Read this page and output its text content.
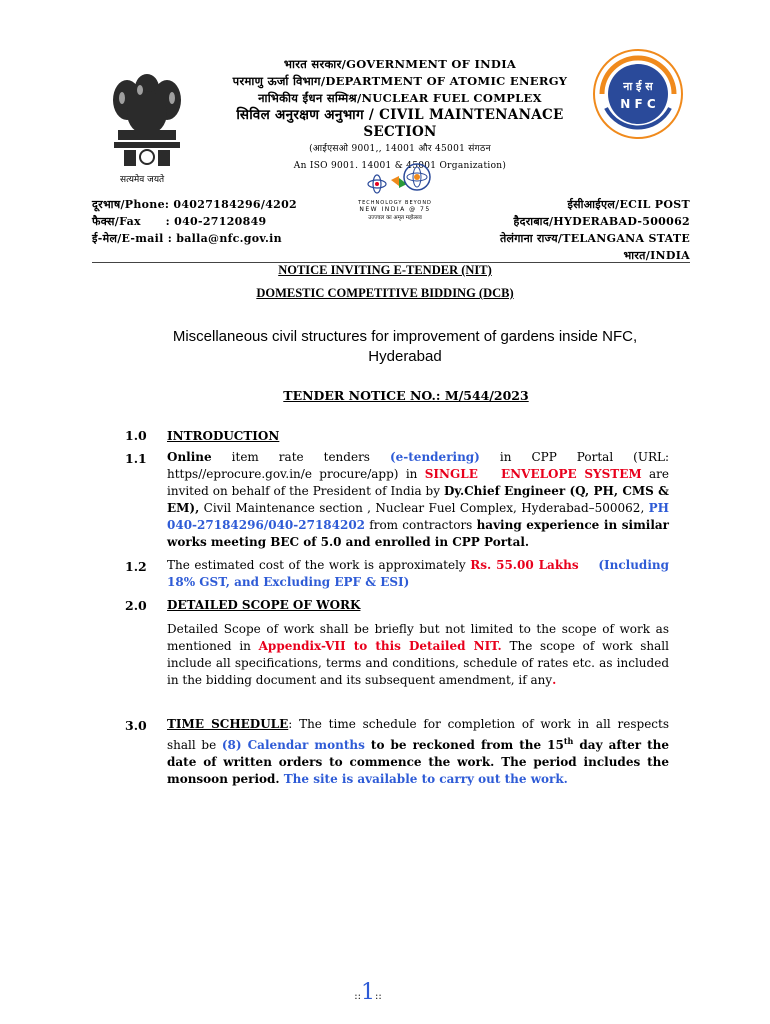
सत्यमेव जयते
भारत सरकार/GOVERNMENT OF INDIA
परमाणु ऊर्जा विभाग/DEPARTMENT OF ATOMIC ENERGY
नाभिकीय ईंधन सम्मिश्र/NUCLEAR FUEL COMPLEX
सिविल अनुरक्षण अनुभाग / CIVIL MAINTENANACE SECTION
(आईएसओ 9001,, 14001 और 45001 संगठन
An ISO 9001. 14001 & 45001 Organization)
ना ई स
N F C
TECHNOLOGY BEYOND
NEW INDIA @ 75
उज्ज्वल का अमृत महोत्सव
दूरभाष/Phone: 04027184296/4202
फैक्स/Fax      : 040-27120849
ई-मेल/E-mail : balla@nfc.gov.in
ईसीआईएल/ECIL POST
हैदराबाद/HYDERABAD-500062
तेलंगाना राज्य/TELANGANA STATE
भारत/INDIA
NOTICE INVITING E-TENDER (NIT)
DOMESTIC COMPETITIVE BIDDING (DCB)
Miscellaneous civil structures for improvement of gardens inside NFC,
Hyderabad
TENDER NOTICE NO.: M/544/2023
1.0 INTRODUCTION
1.1 Online item rate tenders (e-tendering) in CPP Portal (URL: https//eprocure.gov.in/e procure/app) in SINGLE   ENVELOPE SYSTEM are invited on behalf of the President of India by Dy.Chief Engineer (Q, PH, CMS & EM), Civil Maintenance section , Nuclear Fuel Complex, Hyderabad–500062, PH 040-27184296/040-27184202 from contractors having experience in similar works meeting BEC of 5.0 and enrolled in CPP Portal.
1.2 The estimated cost of the work is approximately Rs. 55.00 Lakhs    (Including 18% GST, and Excluding EPF & ESI)
2.0 DETAILED SCOPE OF WORK
Detailed Scope of work shall be briefly but not limited to the scope of work as mentioned in Appendix-VII to this Detailed NIT. The scope of work shall include all specifications, terms and conditions, schedule of rates etc. as included in the bidding document and its subsequent amendment, if any.
3.0 TIME SCHEDULE: The time schedule for completion of work in all respects shall be (8) Calendar months to be reckoned from the 15th day after the date of written orders to commence the work. The period includes the monsoon period. The site is available to carry out the work.
::1::
